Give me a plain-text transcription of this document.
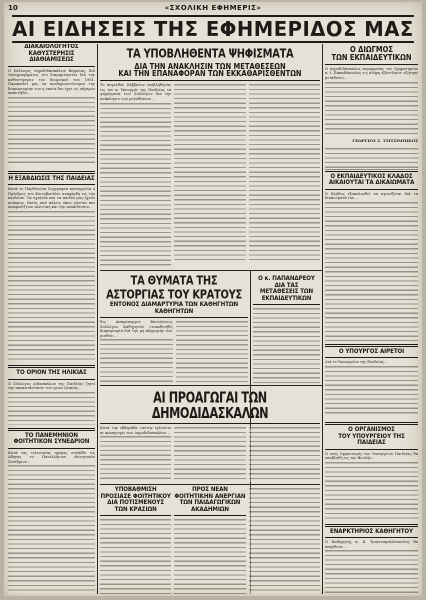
10	«ΣΧΟΛΙΚΗ ΕΦΗΜΕΡΙΣ»
ΑΙ ΕΙΔΗΣΕΙΣ ΤΗΣ ΕΦΗΜΕΡΙΔΟΣ ΜΑΣ

ΔΙΑΚΑΙΟΛΟΓΗΤΟΣ

ΚΑΘΥΣΤΕΡΗΣΙΣ ΔΙΑΘΙΑΜΙΣΕΩΣ

Ο Σύλλογος Δημοδιδασκάλων Βέρροιας, διά τηλεγραφήματος του διαμαρτύρεται διά την καθυστέρησιν του διορισμού του 1951. Παρακαλεί μας να αναδημοσιεύσωμεν την διαμαρτυρίαν του η οποία δεν έχει ως σήμερον απαντηθεί...

Η ΕΞΑΒΔΙΩΣΙΣ ΤΗΣ ΠΑΙΔΕΙΑΣ

Κατά το Παρθενώνα Συγγραφέα καταγγελία ο Πρόεδρος του Κοινοβουλίου αναφέρθη εις την παιδείαν. Τα σχολεία και τα παιδιά μας έχουν ανάγκην. Εκτός από πόλεις όπου γίνεται και αποφασίζεται πολιτική και την εκπαίδευσιν...

ΤΟ ΟΡΙΟΝ ΤΗΣ ΗΛΙΚΙΑΣ

Ο Σύλλογος Διδασκάλων της Παιδείας ζητεί την αποκατάστασιν του ορίου ηλικίας...

ΤΟ ΠΑΝΕΜΗΝΙΟΝ

ΦΟΙΤΗΤΙΚΟΝ ΣΥΝΕΔΡΙΟΝ

Κατά τας τελευταίας ημέρας συνήλθε εις Αθήνας το Πανελλήνιον Φοιτητικόν Συνέδριον...

ΤΑ ΥΠΟΒΛΗΘΕΝΤΑ ΨΗΦΙΣΜΑΤΑ

ΔΙΑ ΤΗΝ ΑΝΑΚΛΗΣΙΝ ΤΩΝ ΜΕΤΑΘΕΣΕΩΝ

ΚΑΙ ΤΗΝ ΕΠΑΝΑΦΟΡΑΝ ΤΩΝ ΕΚΚΑΘΑΡΙΣΘΕΝΤΩΝ

Το παρελθόν Σάββατον υπεβλήθησαν εις τον κ. Υπουργόν της Παιδείας τα ψηφίσματα των Συλλόγων δια την ανάκλησιν των μεταθέσεων...

ΤΑ ΘΥΜΑΤΑ ΤΗΣ ΑΣΤΟΡΓΙΑΣ ΤΟΥ ΚΡΑΤΟΥΣ

ΕΝΤΟΝΟΣ ΔΙΑΜΑΡΤΥΡΙΑ ΤΩΝ ΚΑΘΗΓΗΤΩΝ ΚΑΘΗΓΗΤΩΝ

Εις Ασπρόπυργον Εκτελέσεως Συλλόγου Καθηγητών ετοποθετήθη διαμαρτυρία διά την μη πληρωμήν των μισθών...

Ο κ. ΠΑΠΑΝΔΡΕΟΥ ΔΙΑ ΤΑΣ

ΜΕΤΑΘΕΣΕΙΣ ΤΩΝ ΕΚΠΑΙΔΕΥΤΙΚΩΝ

ΑΙ ΠΡΟΑΓΩΓΑΙ ΤΩΝ ΔΗΜΟΔΙΔΑΣΚΑΛΩΝ

Κατά την εβδομάδα ταύτην εγένοντο αι προαγωγαί των Δημοδιδασκάλων...

ΥΠΟΒΑΘΜΙΣΗ ΠΡΟΣΙΑΣΕ ΦΟΙΤΗΤΙΚΟΥ

ΔΙΑ ΠΟΤΙΣΜΕΝΟΥΣ ΤΩΝ ΚΡΑΣΙΩΝ

ΠΡΟΣ ΝΕΑΝ ΦΟΙΤΗΤΙΚΗΝ ΑΝΕΡΓΙΑΝ

ΤΩΝ ΠΑΙΔΑΓΩΓΙΚΩΝ ΑΚΑΔΗΜΙΩΝ

Ο ΔΙΩΓΜΟΣ

ΤΩΝ ΕΚΠΑΙΔΕΥΤΙΚΩΝ

Ο Δημοδιδάσκαλος περιφερείας του Σχηματαρίου κ. Ι. Παπαδόπουλος εις πλήρη εξάντλησιν εζήτησε μετάθεσιν...

ΓΕΩΡΓΙΟΣ Σ. ΤΣΙΤΣΙΜΠΙΚΟΣ

Ο ΕΚΠΑΙΔΕΥΤΙΚΟΣ ΚΛΑΔΟΣ

ΑΙΚΑΙΟΥΤΑΙ ΤΑ ΔΙΚΑΙΩΜΑΤΑ

Ο Κλάδος εξακολουθεί να αγωνίζεται διά τα δικαιώματά του...

Ο ΥΠΟΥΡΓΟΣ ΑΙΡΕΤΟΙ

Διά το Υπουργείον της Παιδείας...

Ο ΟΡΓΑΝΙΣΜΟΣ

ΤΟΥ ΥΠΟΥΡΓΕΙΟΥ ΤΗΣ ΠΑΙΔΕΙΑΣ

Ο νέος Οργανισμός του Υπουργείου Παιδείας θα υποβληθή εις την Βουλήν...

ΕΝΑΡΚΤΗΡΙΟΣ ΚΑΘΗΓΗΤΟΥ

Ο Καθηγητής κ. Κ. Τριανταφυλλόπουλος θα απηύθυνε...
